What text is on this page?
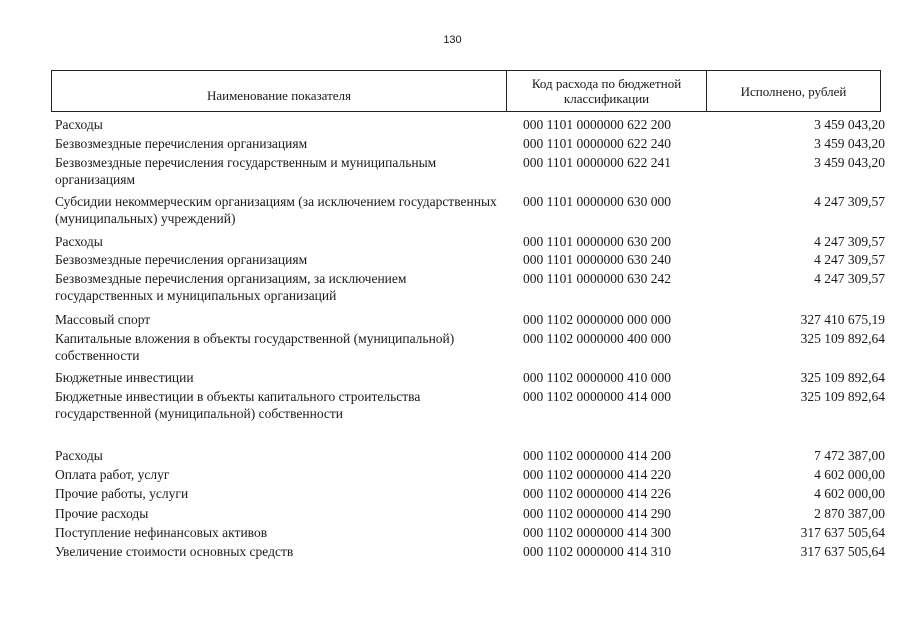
130
Наименование показателя
Код расхода по бюджетной классификации	Исполнено, рублей
Расходы	000 1101 0000000 622 200	3 459 043,20
Безвозмездные перечисления организациям	000 1101 0000000 622 240	3 459 043,20
Безвозмездные перечисления государственным и муниципальным организациям
000 1101 0000000 622 241	3 459 043,20
Субсидии некоммерческим организациям (за исключением государственных (муниципальных) учреждений)
000 1101 0000000 630 000	4 247 309,57
Расходы	000 1101 0000000 630 200	4 247 309,57
Безвозмездные перечисления организациям	000 1101 0000000 630 240	4 247 309,57
Безвозмездные перечисления организациям, за исключением государственных и муниципальных организаций
000 1101 0000000 630 242	4 247 309,57
Массовый спорт	000 1102 0000000 000 000	327 410 675,19
Капитальные вложения в объекты государственной (муниципальной) собственности
000 1102 0000000 400 000	325 109 892,64
Бюджетные инвестиции	000 1102 0000000 410 000	325 109 892,64
Бюджетные инвестиции в объекты капитального строительства государственной (муниципальной) собственности
000 1102 0000000 414 000	325 109 892,64
Расходы	000 1102 0000000 414 200	7 472 387,00
Оплата работ, услуг	000 1102 0000000 414 220	4 602 000,00
Прочие работы, услуги	000 1102 0000000 414 226	4 602 000,00
Прочие расходы	000 1102 0000000 414 290	2 870 387,00
Поступление нефинансовых активов	000 1102 0000000 414 300	317 637 505,64
Увеличение стоимости основных средств	000 1102 0000000 414 310	317 637 505,64
